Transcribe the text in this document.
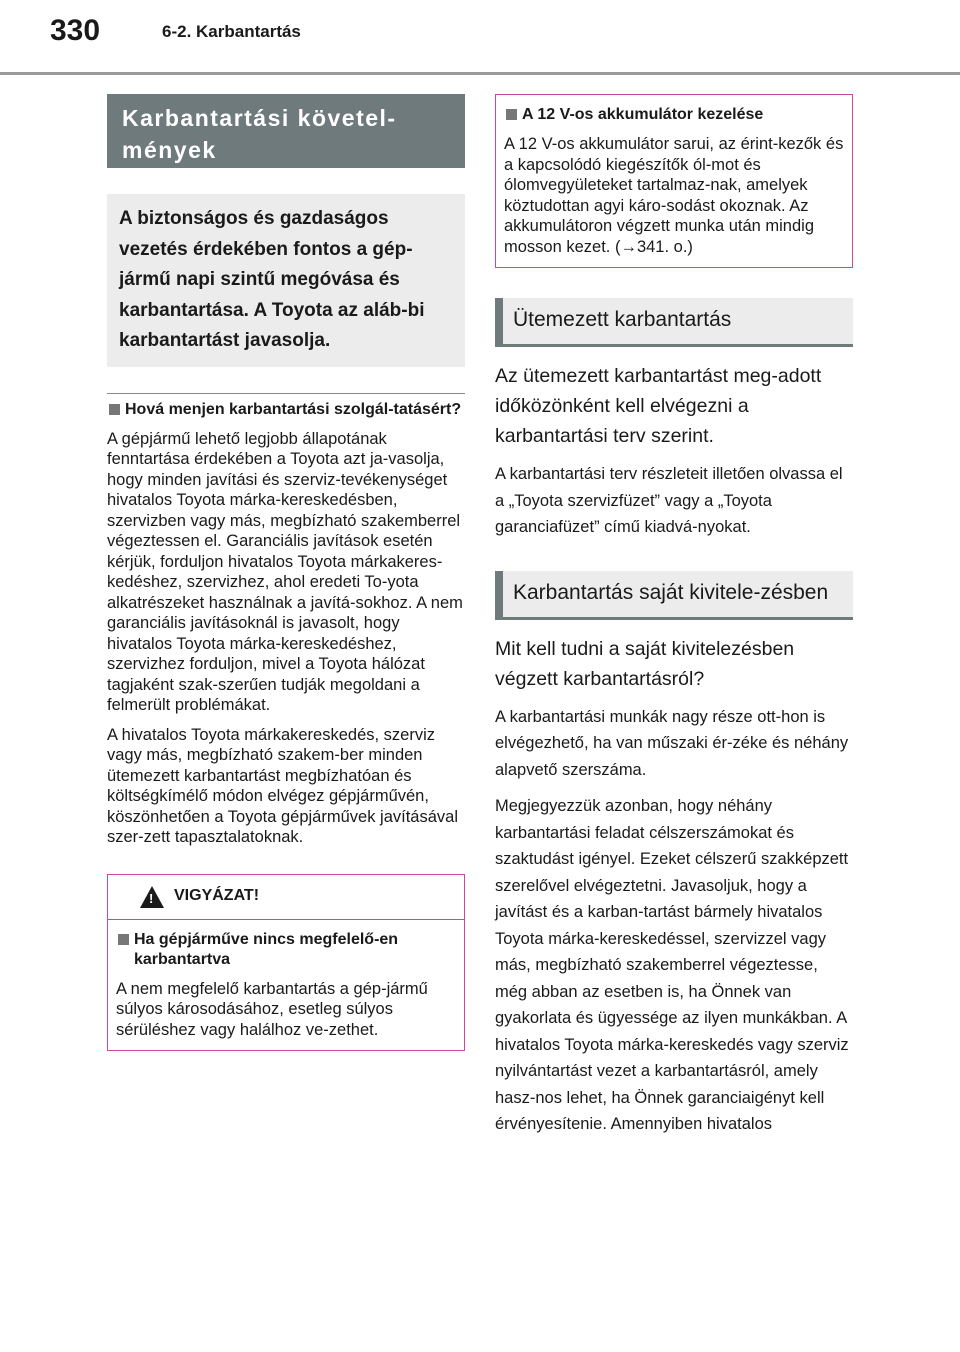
330	6-2. Karbantartás
Karbantartási követel-
mények
A biztonságos és gazdaságos vezetés érdekében fontos a gép-jármű napi szintű megóvása és karbantartása. A Toyota az aláb-bi karbantartást javasolja.
Hová menjen karbantartási szolgál-tatásért?
A gépjármű lehető legjobb állapotának fenntartása érdekében a Toyota azt ja-vasolja, hogy minden javítási és szerviz-tevékenységet hivatalos Toyota márka-kereskedésben, szervizben vagy más, megbízható szakemberrel végeztessen el. Garanciális javítások esetén kérjük, forduljon hivatalos Toyota márkakeres-kedéshez, szervizhez, ahol eredeti To-yota alkatrészeket használnak a javítá-sokhoz. A nem garanciális javításoknál is javasolt, hogy hivatalos Toyota márka-kereskedéshez, szervizhez forduljon, mivel a Toyota hálózat tagjaként szak-szerűen tudják megoldani a felmerült problémákat.
A hivatalos Toyota márkakereskedés, szerviz vagy más, megbízható szakem-ber minden ütemezett karbantartást megbízhatóan és költségkímélő módon elvégez gépjárművén, köszönhetően a Toyota gépjárművek javításával szer-zett tapasztalatoknak.
! VIGYÁZAT!
Ha gépjárműve nincs megfelelő-en karbantartva
A nem megfelelő karbantartás a gép-jármű súlyos károsodásához, esetleg súlyos sérüléshez vagy halálhoz ve-zethet.
A 12 V-os akkumulátor kezelése
A 12 V-os akkumulátor sarui, az érint-kezők és a kapcsolódó kiegészítők ól-mot és ólomvegyületeket tartalmaz-nak, amelyek köztudottan agyi káro-sodást okoznak. Az akkumulátoron végzett munka után mindig mosson kezet. (→341. o.)
Ütemezett karbantartás
Az ütemezett karbantartást meg-adott időközönként kell elvégezni a karbantartási terv szerint.
A karbantartási terv részleteit illetően olvassa el a „Toyota szervizfüzet” vagy a „Toyota garanciafüzet” című kiadvá-nyokat.
Karbantartás saját kivitele-zésben
Mit kell tudni a saját kivitelezésben végzett karbantartásról?
A karbantartási munkák nagy része ott-hon is elvégezhető, ha van műszaki ér-zéke és néhány alapvető szerszáma.
Megjegyezzük azonban, hogy néhány karbantartási feladat célszerszámokat és szaktudást igényel. Ezeket célszerű szakképzett szerelővel elvégeztetni. Javasoljuk, hogy a javítást és a karban-tartást bármely hivatalos Toyota márka-kereskedéssel, szervizzel vagy más, megbízható szakemberrel végeztesse, még abban az esetben is, ha Önnek van gyakorlata és ügyessége az ilyen munkákban. A hivatalos Toyota márka-kereskedés vagy szerviz nyilvántartást vezet a karbantartásról, amely hasz-nos lehet, ha Önnek garanciaigényt kell érvényesítenie. Amennyiben hivatalos
